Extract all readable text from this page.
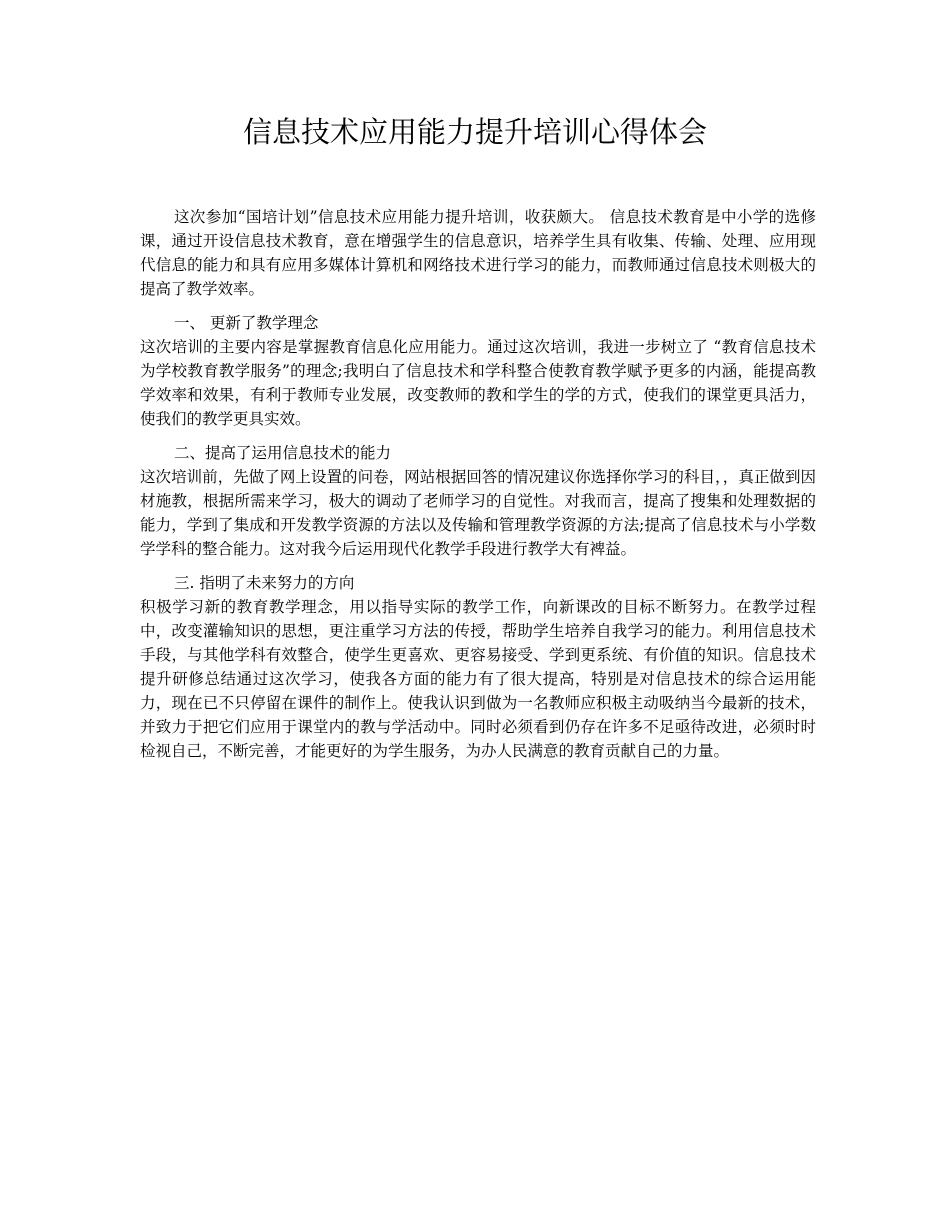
信息技术应用能力提升培训心得体会

这次参加“国培计划”信息技术应用能力提升培训，收获颇大。 信息技术教育是中小学的选修课，通过开设信息技术教育，意在增强学生的信息意识，培养学生具有收集、传输、处理、应用现代信息的能力和具有应用多媒体计算机和网络技术进行学习的能力，而教师通过信息技术则极大的提高了教学效率。

一、 更新了教学理念

这次培训的主要内容是掌握教育信息化应用能力。通过这次培训，我进一步树立了 “教育信息技术为学校教育教学服务”的理念;我明白了信息技术和学科整合使教育教学赋予更多的内涵，能提高教学效率和效果，有利于教师专业发展，改变教师的教和学生的学的方式，使我们的课堂更具活力，使我们的教学更具实效。

二、提高了运用信息技术的能力

这次培训前，先做了网上设置的问卷，网站根据回答的情况建议你选择你学习的科目，，真正做到因材施教，根据所需来学习，极大的调动了老师学习的自觉性。对我而言，提高了搜集和处理数据的能力，学到了集成和开发教学资源的方法以及传输和管理教学资源的方法;提高了信息技术与小学数学学科的整合能力。这对我今后运用现代化教学手段进行教学大有裨益。

三. 指明了未来努力的方向

积极学习新的教育教学理念，用以指导实际的教学工作，向新课改的目标不断努力。在教学过程中，改变灌输知识的思想，更注重学习方法的传授，帮助学生培养自我学习的能力。利用信息技术手段，与其他学科有效整合，使学生更喜欢、更容易接受、学到更系统、有价值的知识。信息技术提升研修总结通过这次学习，使我各方面的能力有了很大提高，特别是对信息技术的综合运用能力，现在已不只停留在课件的制作上。使我认识到做为一名教师应积极主动吸纳当今最新的技术，并致力于把它们应用于课堂内的教与学活动中。同时必须看到仍存在许多不足亟待改进，必须时时检视自己，不断完善，才能更好的为学生服务，为办人民满意的教育贡献自己的力量。
